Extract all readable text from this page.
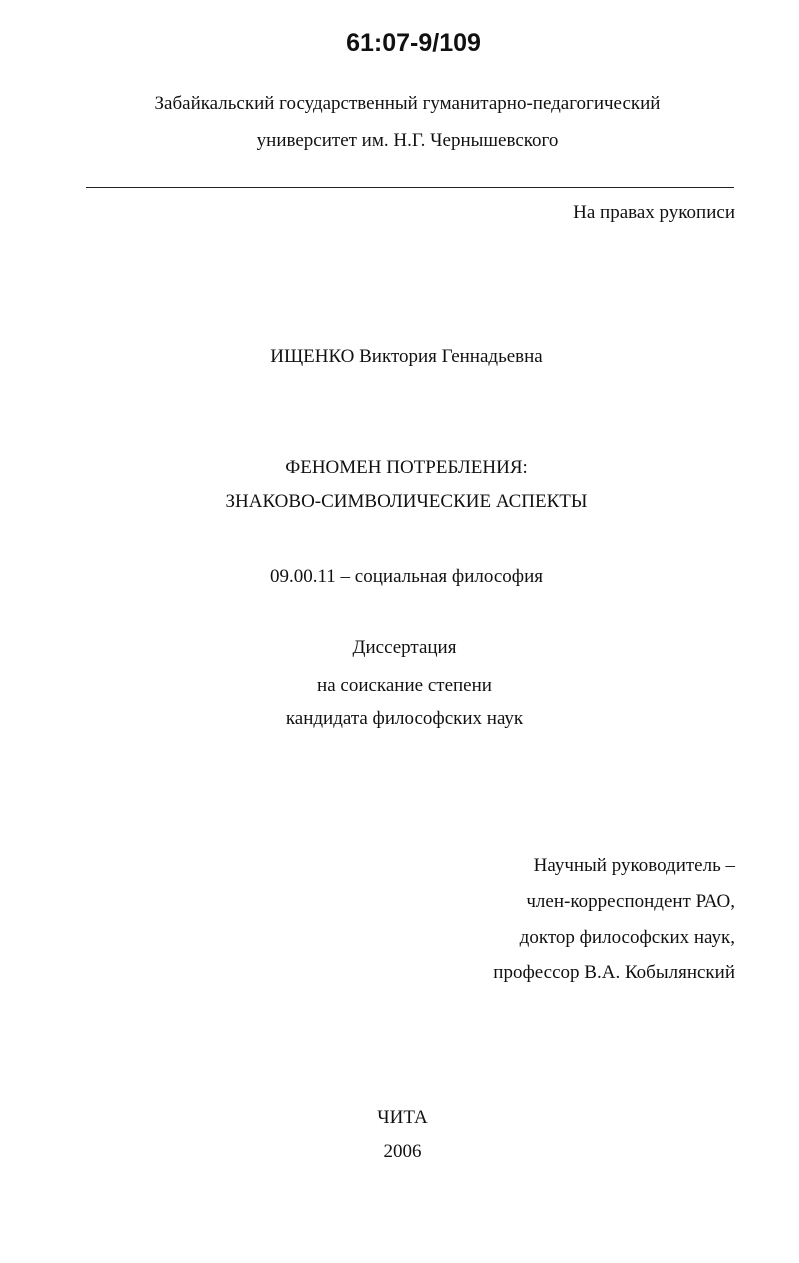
61:07-9/109
Забайкальский государственный гуманитарно-педагогический
университет им. Н.Г. Чернышевского
На правах рукописи
ИЩЕНКО Виктория Геннадьевна
ФЕНОМЕН ПОТРЕБЛЕНИЯ:
ЗНАКОВО-СИМВОЛИЧЕСКИЕ АСПЕКТЫ
09.00.11 – социальная философия
Диссертация
на соискание степени
кандидата философских наук
Научный руководитель –
член-корреспондент РАО,
доктор философских наук,
профессор В.А. Кобылянский
ЧИТА
2006
